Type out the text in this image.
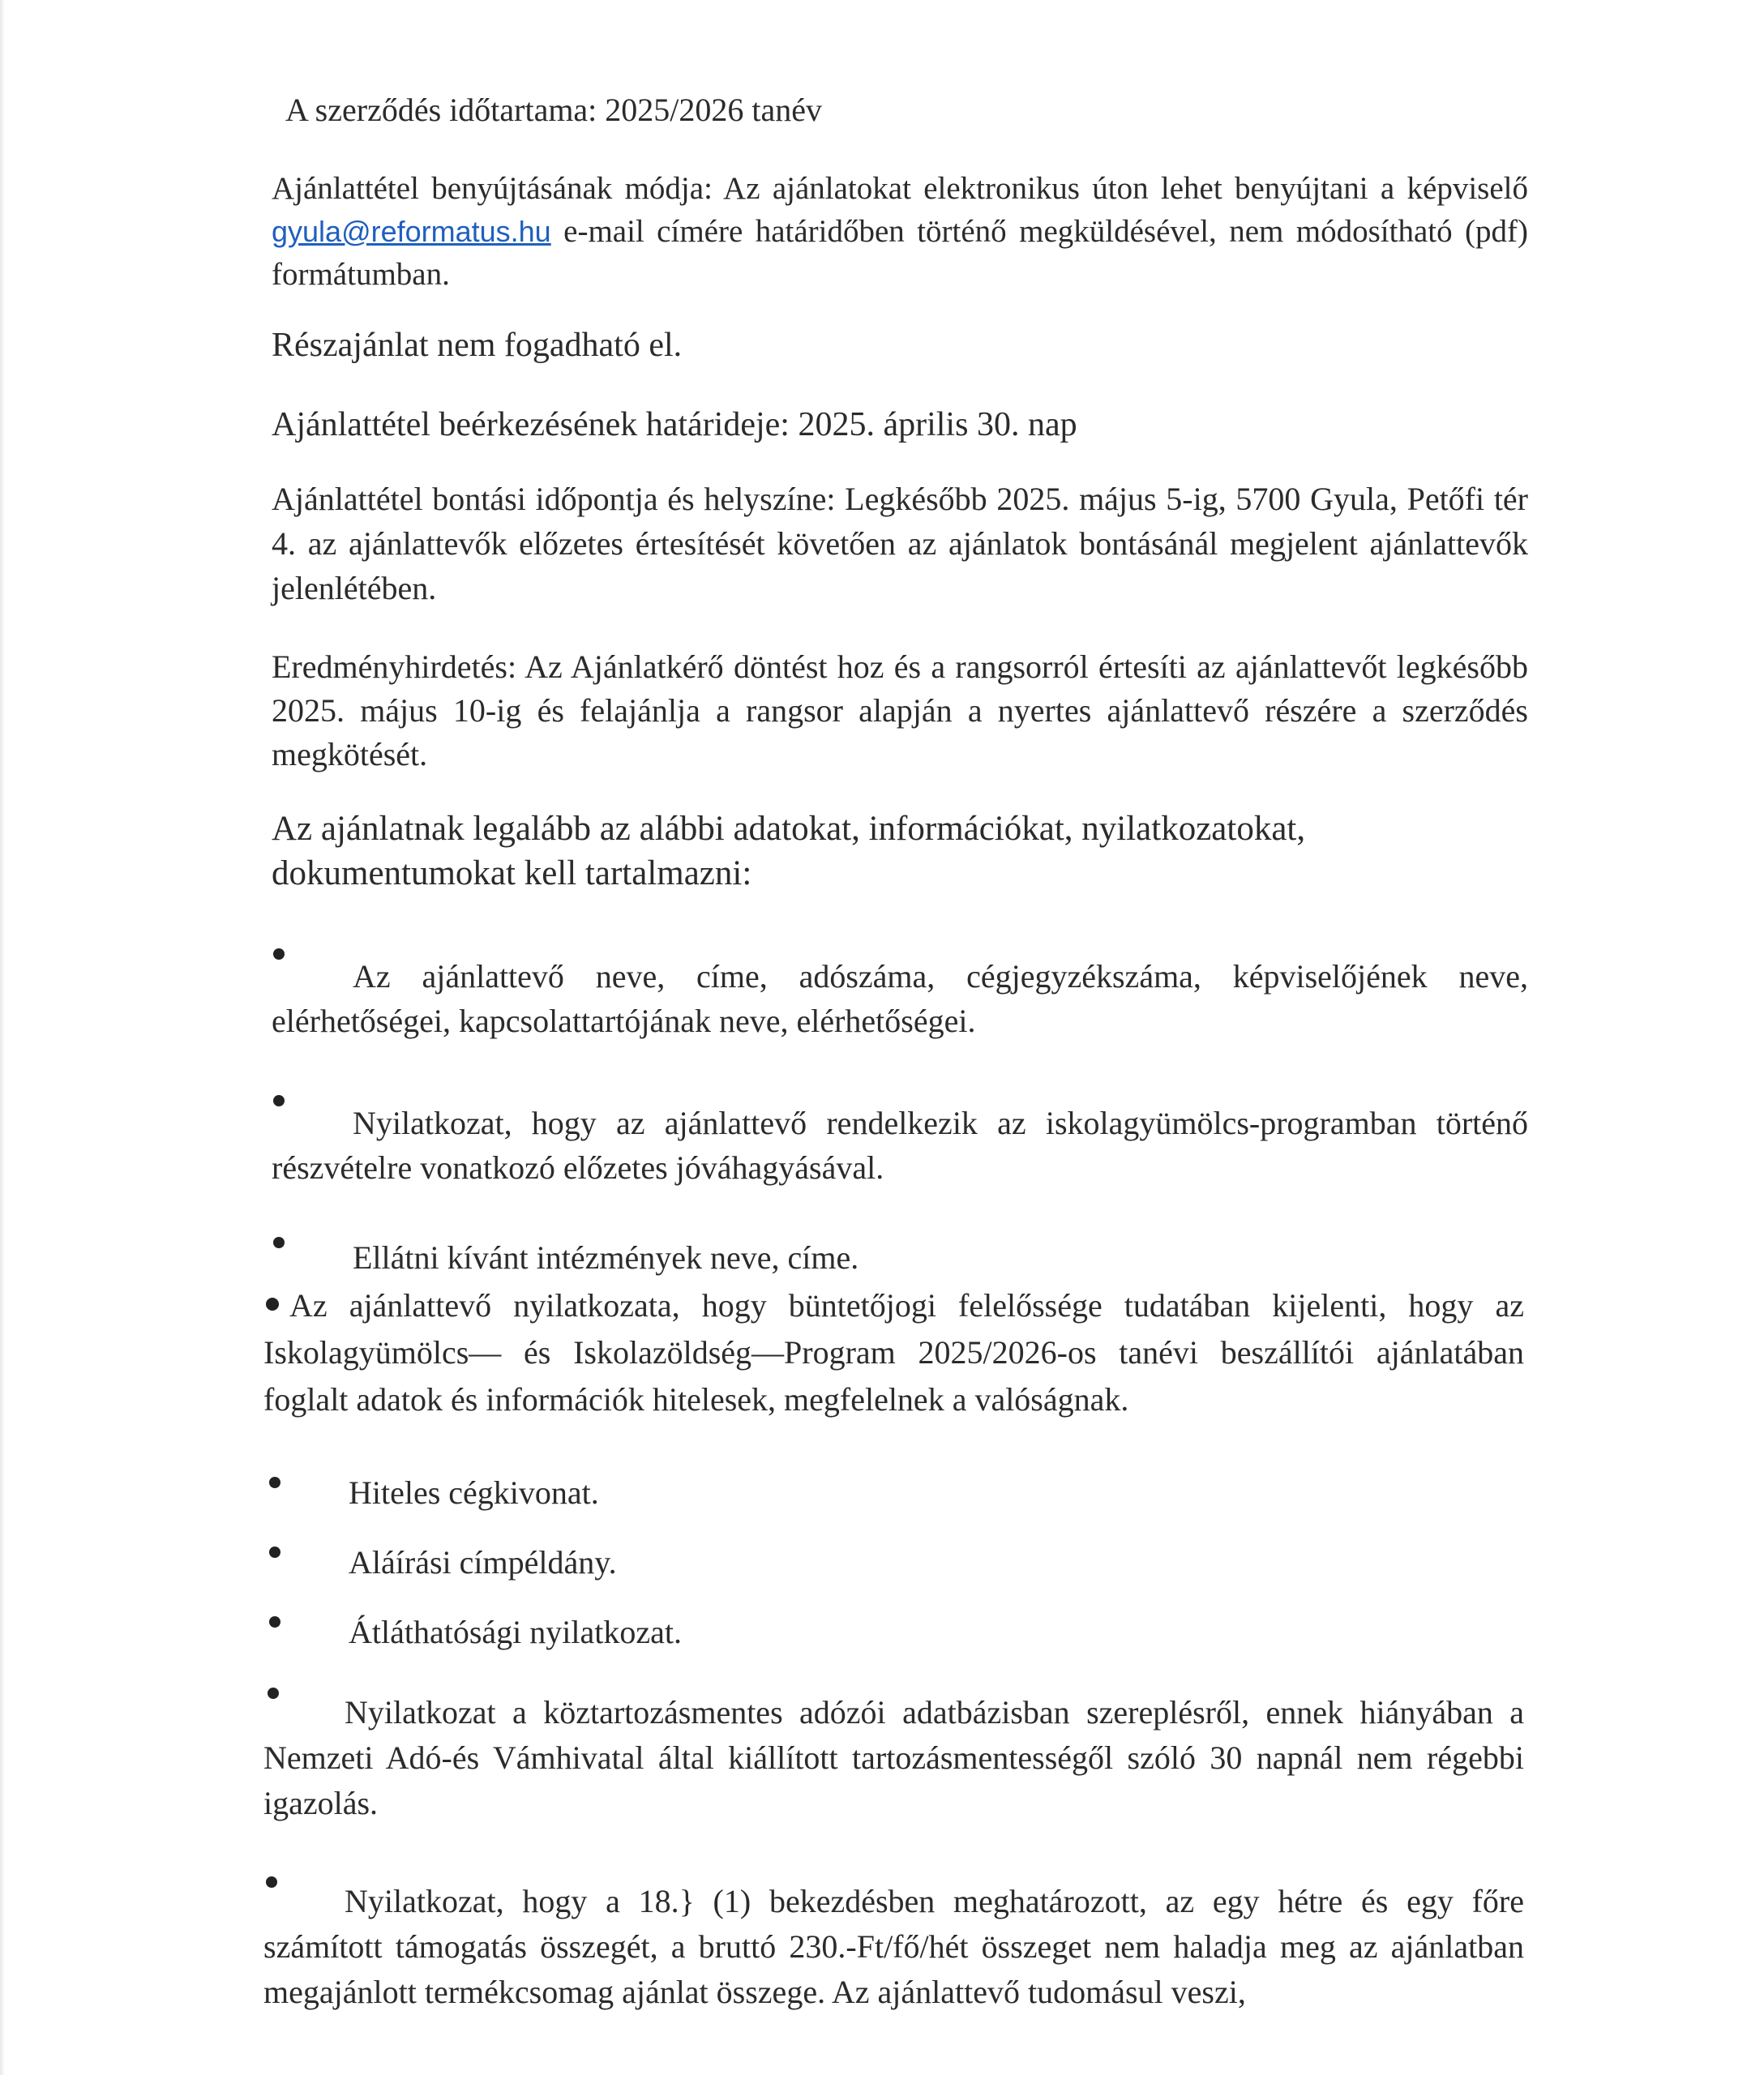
A szerződés időtartama: 2025/2026 tanév
Ajánlattétel benyújtásának módja: Az ajánlatokat elektronikus úton lehet benyújtani a képviselő gyula@reformatus.hu e-mail címére határidőben történő megküldésével, nem módosítható (pdf) formátumban.
Részajánlat nem fogadható el.
Ajánlattétel beérkezésének határideje: 2025. április 30. nap
Ajánlattétel bontási időpontja és helyszíne: Legkésőbb 2025. május 5-ig, 5700 Gyula, Petőfi tér 4. az ajánlattevők előzetes értesítését követően az ajánlatok bontásánál megjelent ajánlattevők jelenlétében.
Eredményhirdetés: Az Ajánlatkérő döntést hoz és a rangsorról értesíti az ajánlattevőt legkésőbb 2025. május 10-ig és felajánlja a rangsor alapján a nyertes ajánlattevő részére a szerződés megkötését.
Az ajánlatnak legalább az alábbi adatokat, információkat, nyilatkozatokat, dokumentumokat kell tartalmazni:
Az ajánlattevő neve, címe, adószáma, cégjegyzékszáma, képviselőjének neve, elérhetőségei, kapcsolattartójának neve, elérhetőségei.
Nyilatkozat, hogy az ajánlattevő rendelkezik az iskolagyümölcs-programban történő részvételre vonatkozó előzetes jóváhagyásával.
Ellátni kívánt intézmények neve, címe.
Az ajánlattevő nyilatkozata, hogy büntetőjogi felelőssége tudatában kijelenti, hogy az Iskolagyümölcs— és Iskolazöldség—Program 2025/2026-os tanévi beszállítói ajánlatában foglalt adatok és információk hitelesek, megfelelnek a valóságnak.
Hiteles cégkivonat.
Aláírási címpéldány.
Átláthatósági nyilatkozat.
Nyilatkozat a köztartozásmentes adózói adatbázisban szereplésről, ennek hiányában a Nemzeti Adó-és Vámhivatal által kiállított tartozásmentességől szóló 30 napnál nem régebbi igazolás.
Nyilatkozat, hogy a 18.} (1) bekezdésben meghatározott, az egy hétre és egy főre számított támogatás összegét, a bruttó 230.-Ft/fő/hét összeget nem haladja meg az ajánlatban megajánlott termékcsomag ajánlat összege. Az ajánlattevő tudomásul veszi,
